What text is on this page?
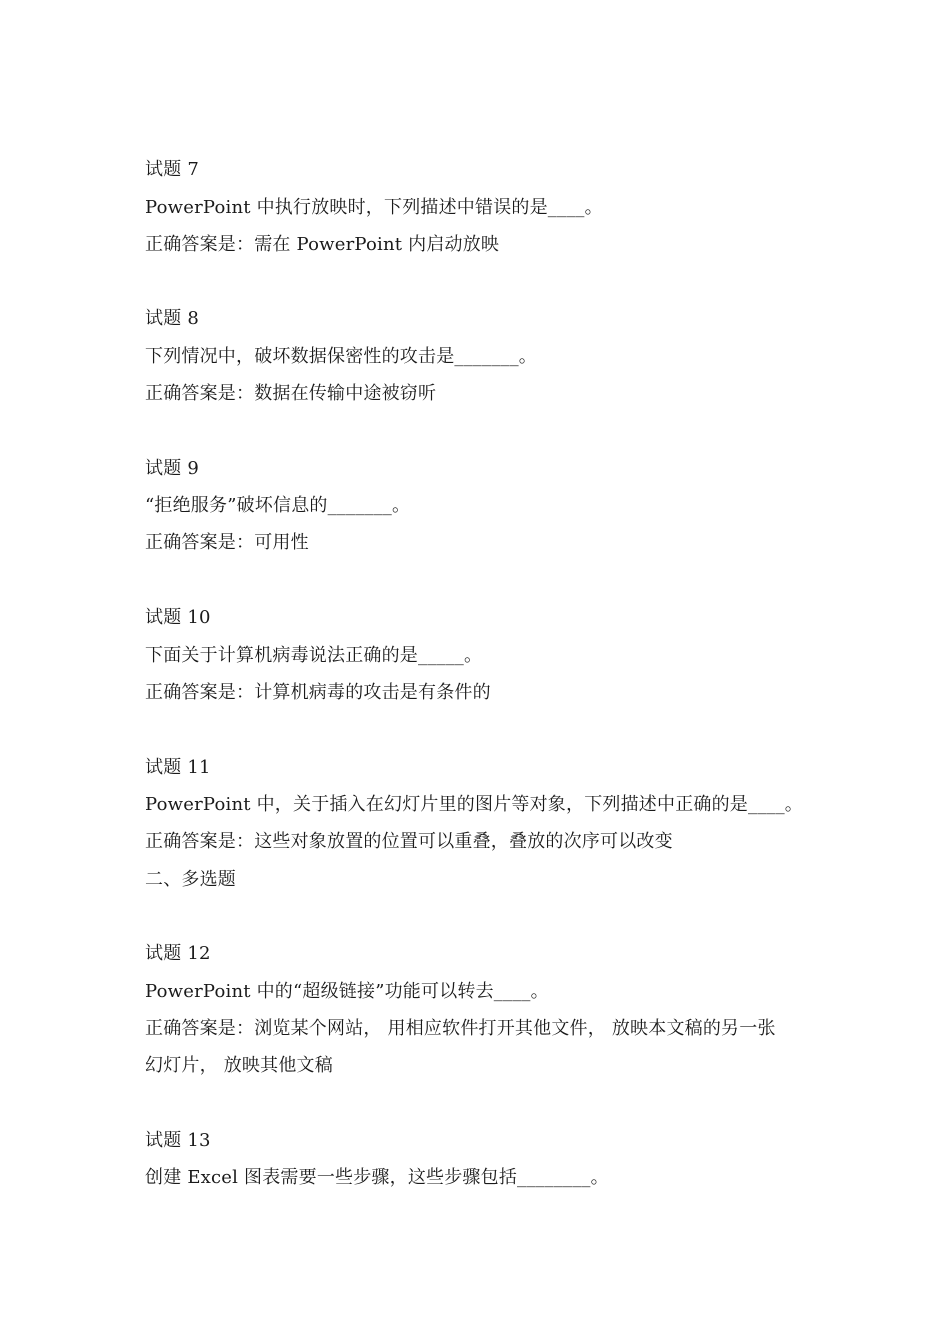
试题 7
PowerPoint 中执行放映时，下列描述中错误的是____。
正确答案是：需在 PowerPoint 内启动放映
试题 8
下列情况中，破坏数据保密性的攻击是_______。
正确答案是：数据在传输中途被窃听
试题 9
“拒绝服务”破坏信息的_______。
正确答案是：可用性
试题 10
下面关于计算机病毒说法正确的是_____。
正确答案是：计算机病毒的攻击是有条件的
试题 11
PowerPoint 中，关于插入在幻灯片里的图片等对象，下列描述中正确的是____。
正确答案是：这些对象放置的位置可以重叠，叠放的次序可以改变
二、多选题
试题 12
PowerPoint 中的“超级链接”功能可以转去____。
正确答案是：浏览某个网站， 用相应软件打开其他文件， 放映本文稿的另一张
幻灯片， 放映其他文稿
试题 13
创建 Excel 图表需要一些步骤，这些步骤包括________。
